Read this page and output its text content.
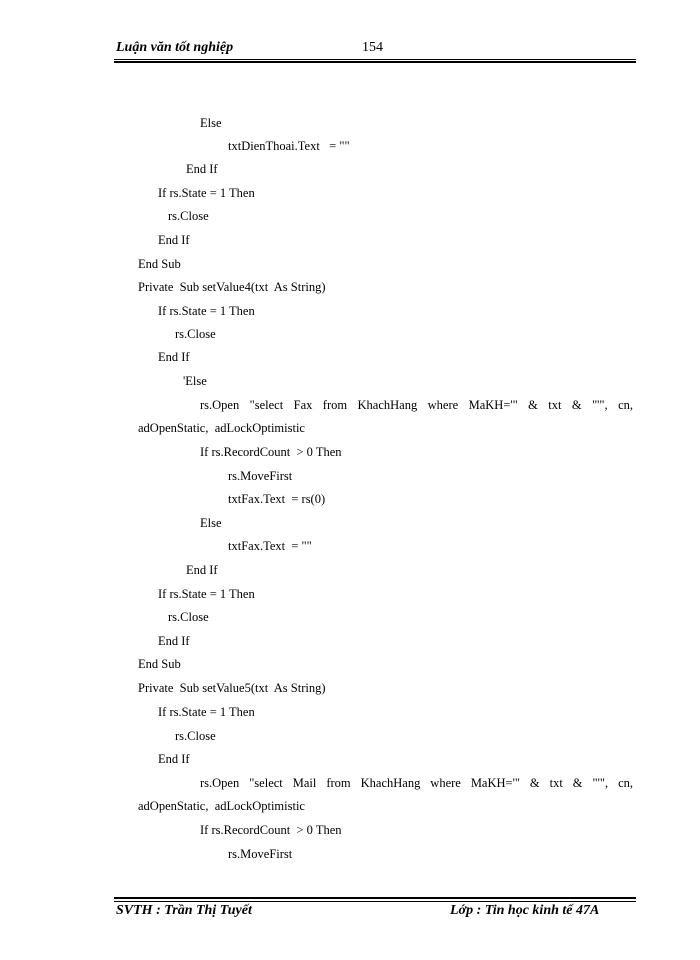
Luận văn tốt nghiệp	154
Else
txtDienThoai.Text   = ""
End If
If rs.State = 1 Then
rs.Close
End If
End Sub
Private  Sub setValue4(txt  As String)
If rs.State = 1 Then
rs.Close
End If
'Else
rs.Open "select Fax from KhachHang where MaKH='" & txt & "'", cn,
adOpenStatic,  adLockOptimistic
If rs.RecordCount  > 0 Then
rs.MoveFirst
txtFax.Text  = rs(0)
Else
txtFax.Text  = ""
End If
If rs.State = 1 Then
rs.Close
End If
End Sub
Private  Sub setValue5(txt  As String)
If rs.State = 1 Then
rs.Close
End If
rs.Open "select Mail from KhachHang where MaKH='" & txt & "'", cn,
adOpenStatic,  adLockOptimistic
If rs.RecordCount  > 0 Then
rs.MoveFirst
SVTH : Trần Thị Tuyết	Lớp : Tin học kinh tế 47A
